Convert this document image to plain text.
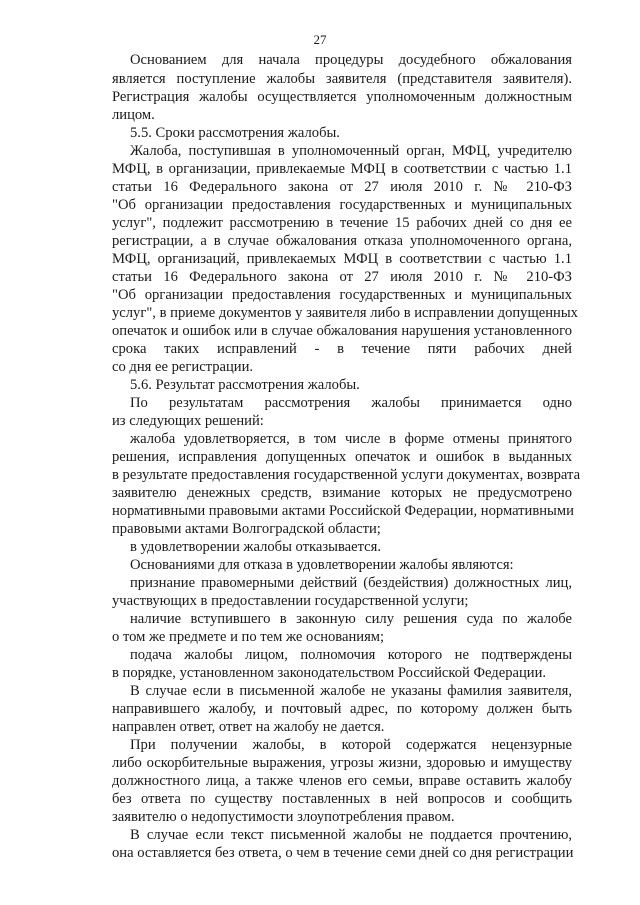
27
Основанием для начала процедуры досудебного обжалования
является поступление жалобы заявителя (представителя заявителя).
Регистрация жалобы осуществляется уполномоченным должностным
лицом.
5.5. Сроки рассмотрения жалобы.
Жалоба, поступившая в уполномоченный орган, МФЦ, учредителю
МФЦ, в организации, привлекаемые МФЦ в соответствии с частью 1.1
статьи 16 Федерального закона от 27 июля 2010 г. № 210-ФЗ
"Об организации предоставления государственных и муниципальных
услуг", подлежит рассмотрению в течение 15 рабочих дней со дня ее
регистрации, а в случае обжалования отказа уполномоченного органа,
МФЦ, организаций, привлекаемых МФЦ в соответствии с частью 1.1
статьи 16 Федерального закона от 27 июля 2010 г. № 210-ФЗ
"Об организации предоставления государственных и муниципальных
услуг", в приеме документов у заявителя либо в исправлении допущенных
опечаток и ошибок или в случае обжалования нарушения установленного
срока таких исправлений - в течение пяти рабочих дней
со дня ее регистрации.
5.6. Результат рассмотрения жалобы.
По результатам рассмотрения жалобы принимается одно
из следующих решений:
жалоба удовлетворяется, в том числе в форме отмены принятого
решения, исправления допущенных опечаток и ошибок в выданных
в результате предоставления государственной услуги документах, возврата
заявителю денежных средств, взимание которых не предусмотрено
нормативными правовыми актами Российской Федерации, нормативными
правовыми актами Волгоградской области;
в удовлетворении жалобы отказывается.
Основаниями для отказа в удовлетворении жалобы являются:
признание правомерными действий (бездействия) должностных лиц,
участвующих в предоставлении государственной услуги;
наличие вступившего в законную силу решения суда по жалобе
о том же предмете и по тем же основаниям;
подача жалобы лицом, полномочия которого не подтверждены
в порядке, установленном законодательством Российской Федерации.
В случае если в письменной жалобе не указаны фамилия заявителя,
направившего жалобу, и почтовый адрес, по которому должен быть
направлен ответ, ответ на жалобу не дается.
При получении жалобы, в которой содержатся нецензурные
либо оскорбительные выражения, угрозы жизни, здоровью и имуществу
должностного лица, а также членов его семьи, вправе оставить жалобу
без ответа по существу поставленных в ней вопросов и сообщить
заявителю о недопустимости злоупотребления правом.
В случае если текст письменной жалобы не поддается прочтению,
она оставляется без ответа, о чем в течение семи дней со дня регистрации
